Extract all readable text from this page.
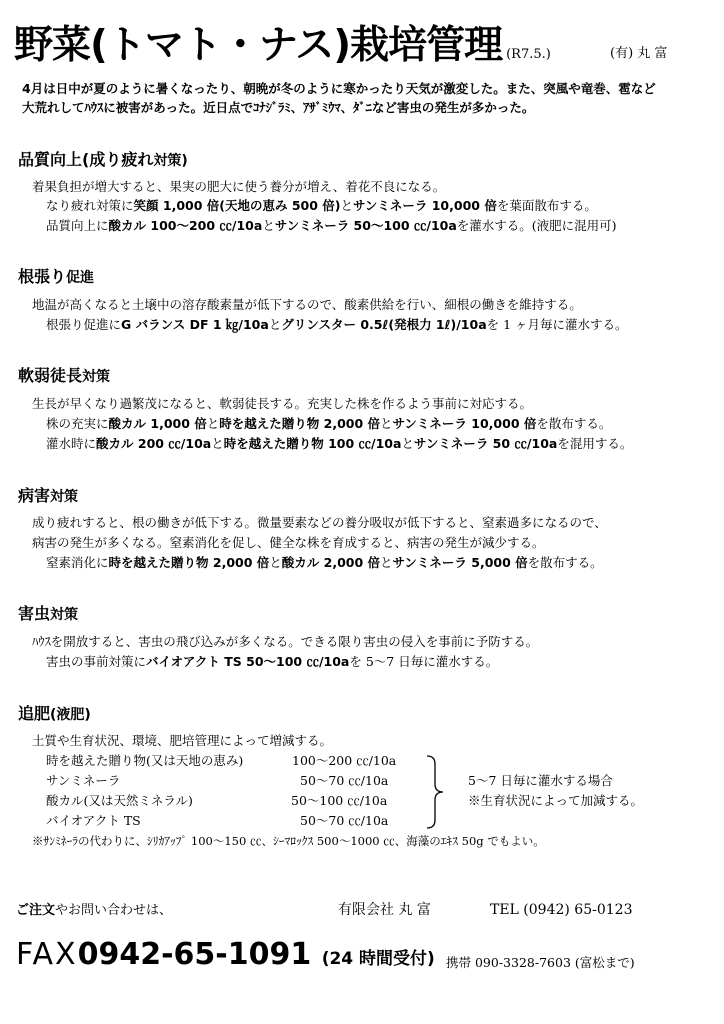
野菜(トマト・ナス)栽培管理 (R7.5.)	(有) 丸 富
4月は日中が夏のように暑くなったり、朝晩が冬のように寒かったり天気が激変した。また、突風や竜巻、雹など
大荒れしてﾊｳｽに被害があった。近日点でｺﾅｼﾞﾗﾐ、ｱｻﾞﾐｳﾏ、ﾀﾞﾆなど害虫の発生が多かった。
品質向上(成り疲れ対策)
着果負担が増大すると、果実の肥大に使う養分が増え、着花不良になる。
なり疲れ対策に笑顔 1,000 倍(天地の恵み 500 倍)とサンミネーラ 10,000 倍を葉面散布する。
品質向上に酸カル 100～200 ㏄/10aとサンミネーラ 50～100 ㏄/10aを灌水する。(液肥に混用可)
根張り促進
地温が高くなると土壌中の溶存酸素量が低下するので、酸素供給を行い、細根の働きを維持する。
根張り促進にG バランス DF 1 ㎏/10aとグリンスター 0.5ℓ(発根力 1ℓ)/10aを 1 ヶ月毎に灌水する。
軟弱徒長対策
生長が早くなり過繁茂になると、軟弱徒長する。充実した株を作るよう事前に対応する。
株の充実に酸カル 1,000 倍と時を越えた贈り物 2,000 倍とサンミネーラ 10,000 倍を散布する。
灌水時に酸カル 200 ㏄/10aと時を越えた贈り物 100 ㏄/10aとサンミネーラ 50 ㏄/10aを混用する。
病害対策
成り疲れすると、根の働きが低下する。微量要素などの養分吸収が低下すると、窒素過多になるので、
病害の発生が多くなる。窒素消化を促し、健全な株を育成すると、病害の発生が減少する。
窒素消化に時を越えた贈り物 2,000 倍と酸カル 2,000 倍とサンミネーラ 5,000 倍を散布する。
害虫対策
ﾊｳｽを開放すると、害虫の飛び込みが多くなる。できる限り害虫の侵入を事前に予防する。
害虫の事前対策にバイオアクト TS 50～100 ㏄/10aを 5～7 日毎に灌水する。
追肥(液肥)
土質や生育状況、環境、肥培管理によって増減する。
時を越えた贈り物(又は天地の恵み)	100～200 ㏄/10a
サンミネーラ	50～70 ㏄/10a
酸カル(又は天然ミネラル)	50～100 ㏄/10a
バイオアクト TS	50～70 ㏄/10a
5～7 日毎に灌水する場合
※生育状況によって加減する。
※ｻﾝﾐﾈｰﾗの代わりに、ｼﾘｶｱｯﾌﾟ 100～150 ㏄、ｼｰﾏﾛｯｸｽ 500～1000 ㏄、海藻のｴｷｽ 50g でもよい。
ご注文やお問い合わせは、	有限会社 丸 富	TEL (0942) 65-0123
FAX0942-65-1091 (24 時間受付) 携帯 090-3328-7603 (富松まで)
